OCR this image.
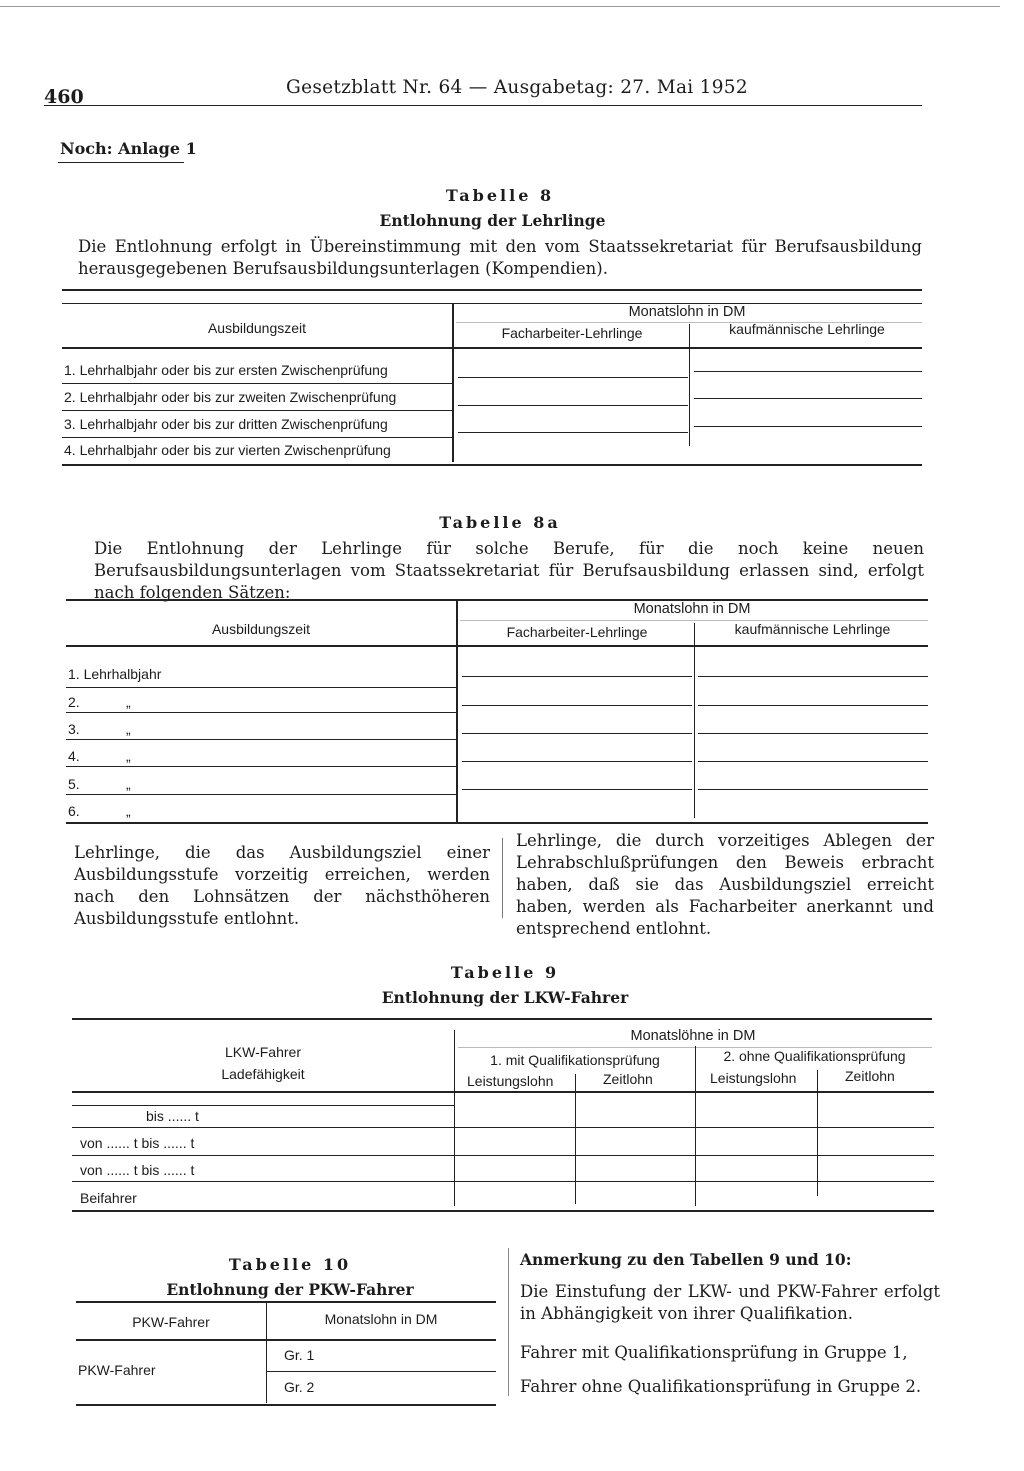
460	Gesetzblatt Nr. 64 — Ausgabetag: 27. Mai 1952
Noch: Anlage 1
Tabelle 8
Entlohnung der Lehrlinge
Die Entlohnung erfolgt in Übereinstimmung mit den vom Staatssekretariat für Berufsausbildung herausgegebenen Berufsausbildungsunterlagen (Kompendien).
Monatslohn in DM
Ausbildungszeit	Facharbeiter-Lehrlinge	kaufmännische Lehrlinge
1. Lehrhalbjahr oder bis zur ersten Zwischenprüfung
2. Lehrhalbjahr oder bis zur zweiten Zwischenprüfung
3. Lehrhalbjahr oder bis zur dritten Zwischenprüfung
4. Lehrhalbjahr oder bis zur vierten Zwischenprüfung
Tabelle 8a
Die Entlohnung der Lehrlinge für solche Berufe, für die noch keine neuen Berufsausbildungsunterlagen vom Staatssekretariat für Berufsausbildung erlassen sind, erfolgt nach folgenden Sätzen:
Monatslohn in DM
Ausbildungszeit	Facharbeiter-Lehrlinge	kaufmännische Lehrlinge
1. Lehrhalbjahr
2.	„
3.	„
4.	„
5.	„
6.	„
Lehrlinge, die das Ausbildungsziel einer Ausbildungsstufe vorzeitig erreichen, werden nach den Lohnsätzen der nächsthöheren Ausbildungsstufe entlohnt.
Lehrlinge, die durch vorzeitiges Ablegen der Lehrabschlußprüfungen den Beweis erbracht haben, daß sie das Ausbildungsziel erreicht haben, werden als Facharbeiter anerkannt und entsprechend entlohnt.
Tabelle 9
Entlohnung der LKW-Fahrer
Monatslöhne in DM
LKW-Fahrer
Ladefähigkeit
1. mit Qualifikationsprüfung	2. ohne Qualifikationsprüfung
Leistungslohn	Zeitlohn	Leistungslohn	Zeitlohn
bis ...... t
von ...... t bis ...... t
von ...... t bis ...... t
Beifahrer
Tabelle 10
Entlohnung der PKW-Fahrer
PKW-Fahrer	Monatslohn in DM
PKW-Fahrer
Gr. 1
Gr. 2
Anmerkung zu den Tabellen 9 und 10:
Die Einstufung der LKW- und PKW-Fahrer erfolgt in Abhängigkeit von ihrer Qualifikation.
Fahrer mit Qualifikationsprüfung in Gruppe 1,
Fahrer ohne Qualifikationsprüfung in Gruppe 2.
